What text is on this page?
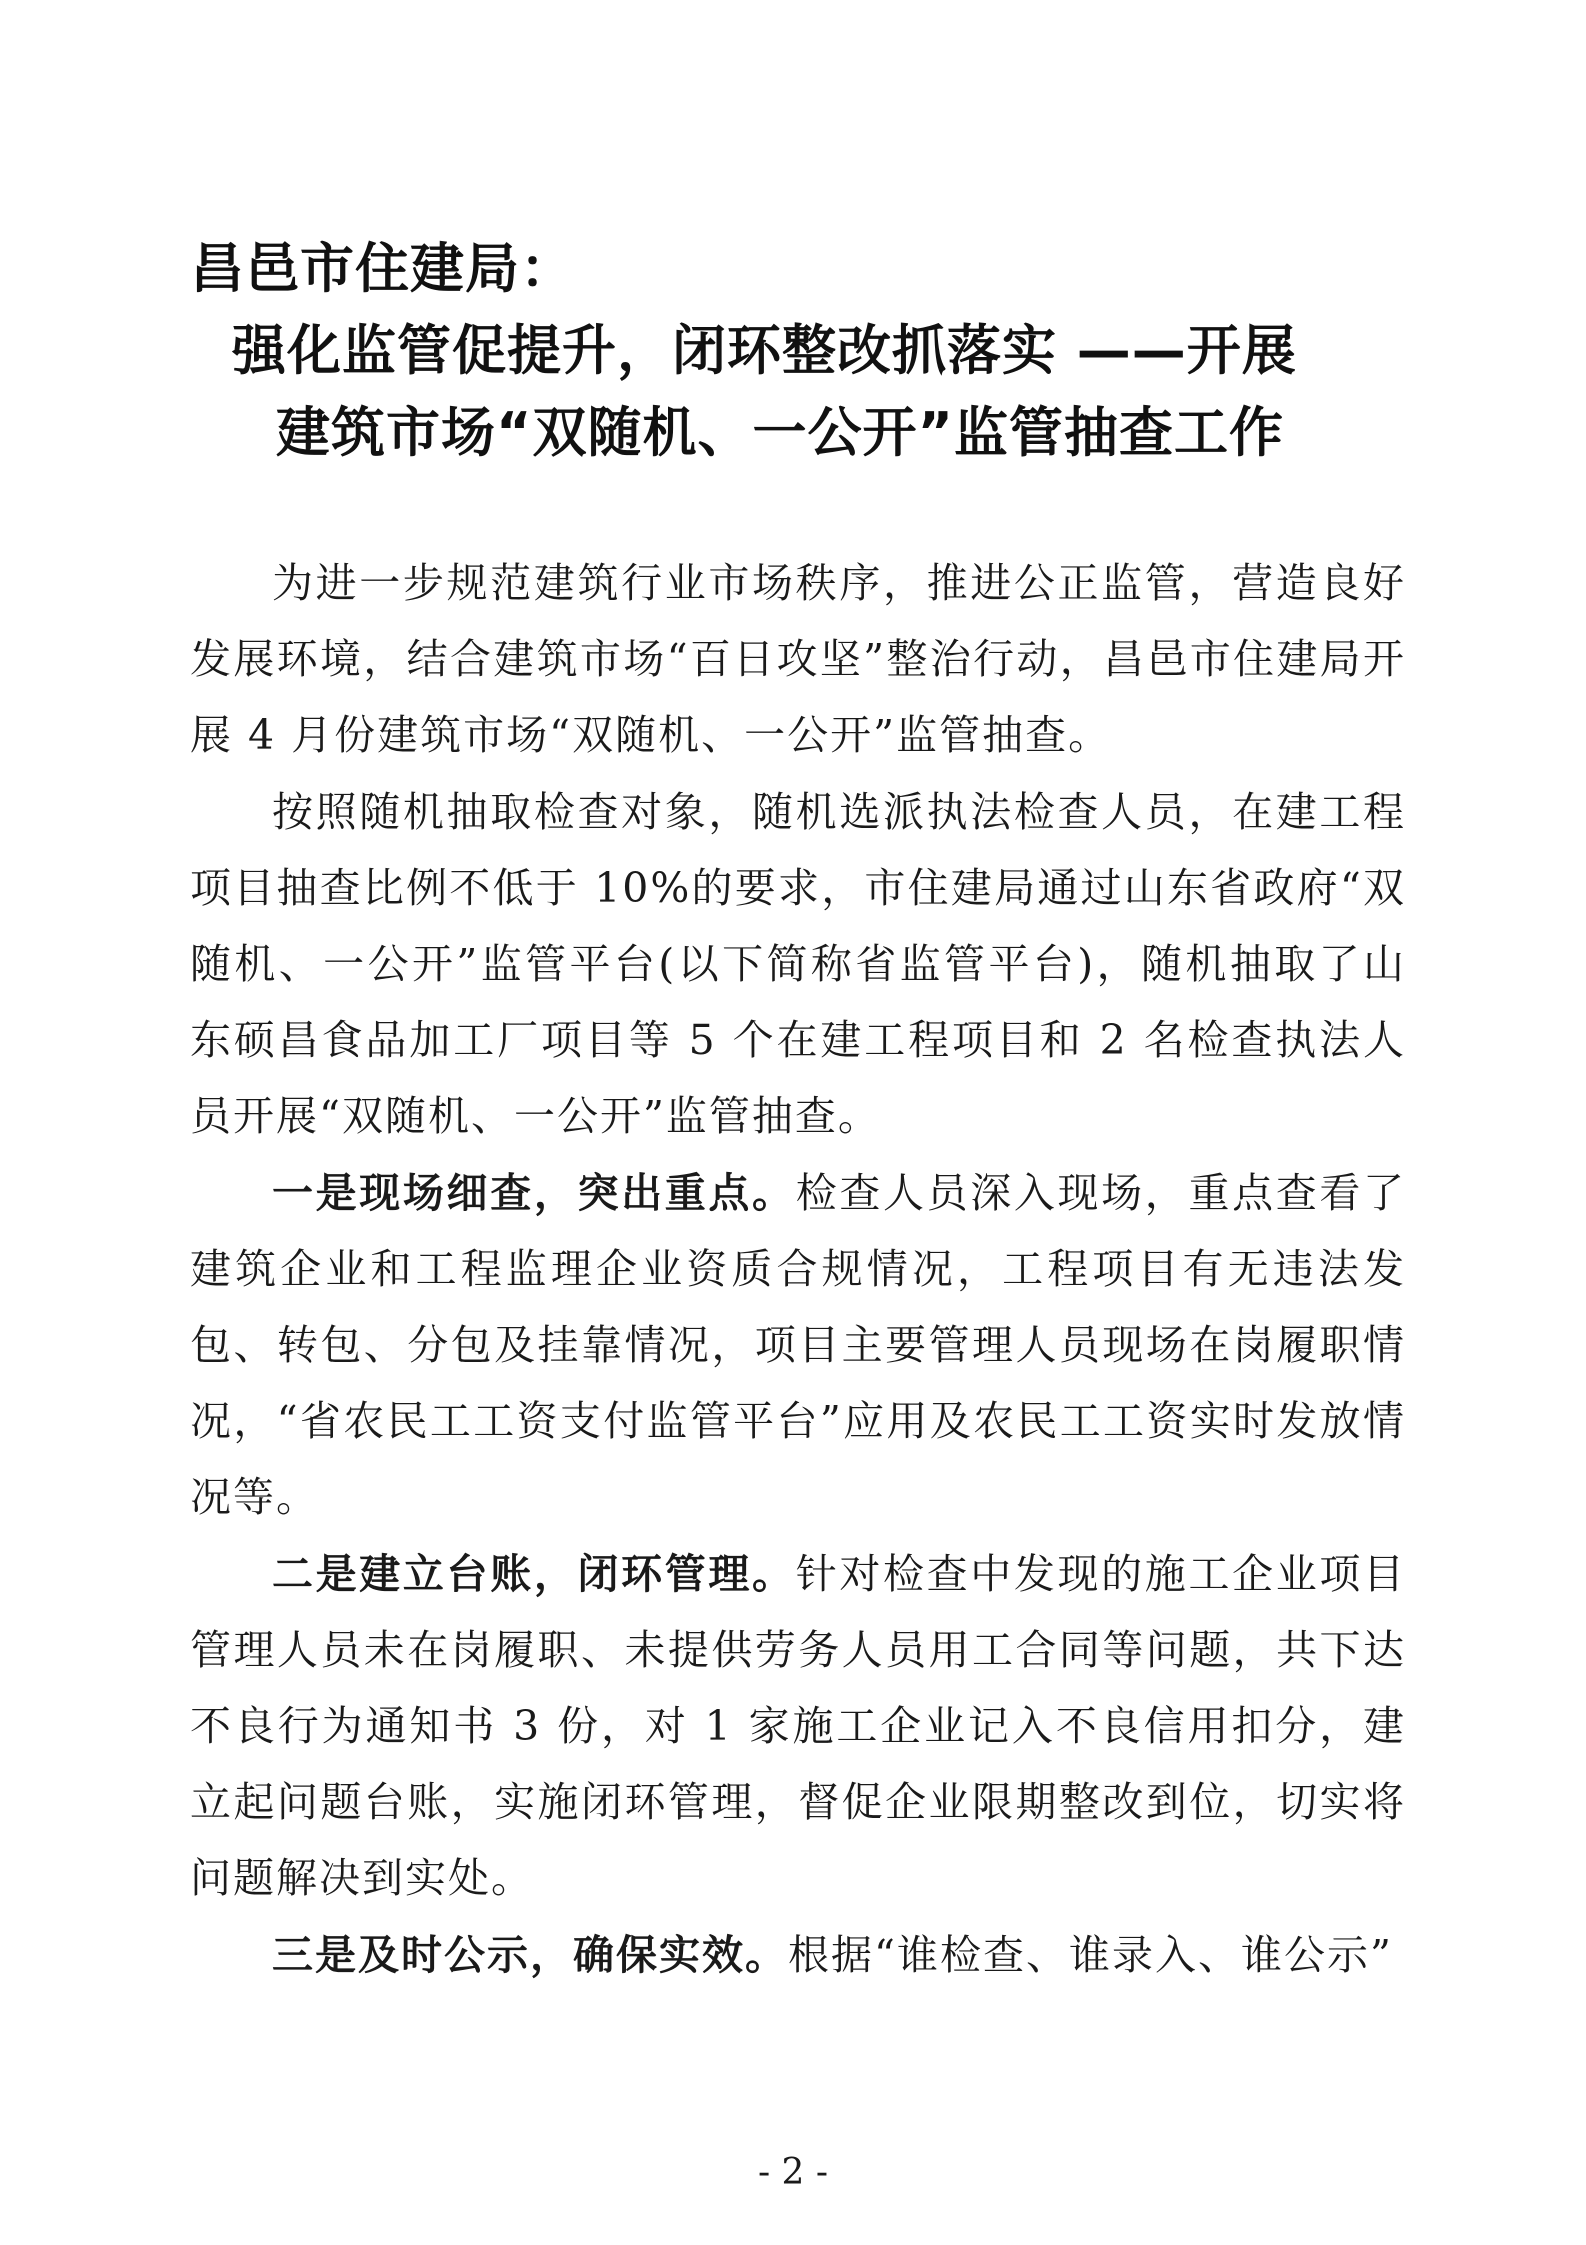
昌邑市住建局：
强化监管促提升，闭环整改抓落实 ——开展
建筑市场“双随机、一公开”监管抽查工作

为进一步规范建筑行业市场秩序，推进公正监管，营造良好发展环境，结合建筑市场“百日攻坚”整治行动，昌邑市住建局开展 4 月份建筑市场“双随机、一公开”监管抽查。

按照随机抽取检查对象，随机选派执法检查人员，在建工程项目抽查比例不低于 10%的要求，市住建局通过山东省政府“双随机、一公开”监管平台(以下简称省监管平台)，随机抽取了山东硕昌食品加工厂项目等 5 个在建工程项目和 2 名检查执法人员开展“双随机、一公开”监管抽查。

一是现场细查，突出重点。检查人员深入现场，重点查看了建筑企业和工程监理企业资质合规情况，工程项目有无违法发包、转包、分包及挂靠情况，项目主要管理人员现场在岗履职情况，“省农民工工资支付监管平台”应用及农民工工资实时发放情况等。

二是建立台账，闭环管理。针对检查中发现的施工企业项目管理人员未在岗履职、未提供劳务人员用工合同等问题，共下达不良行为通知书 3 份，对 1 家施工企业记入不良信用扣分，建立起问题台账，实施闭环管理，督促企业限期整改到位，切实将问题解决到实处。

三是及时公示，确保实效。根据“谁检查、谁录入、谁公示”

- 2 -
